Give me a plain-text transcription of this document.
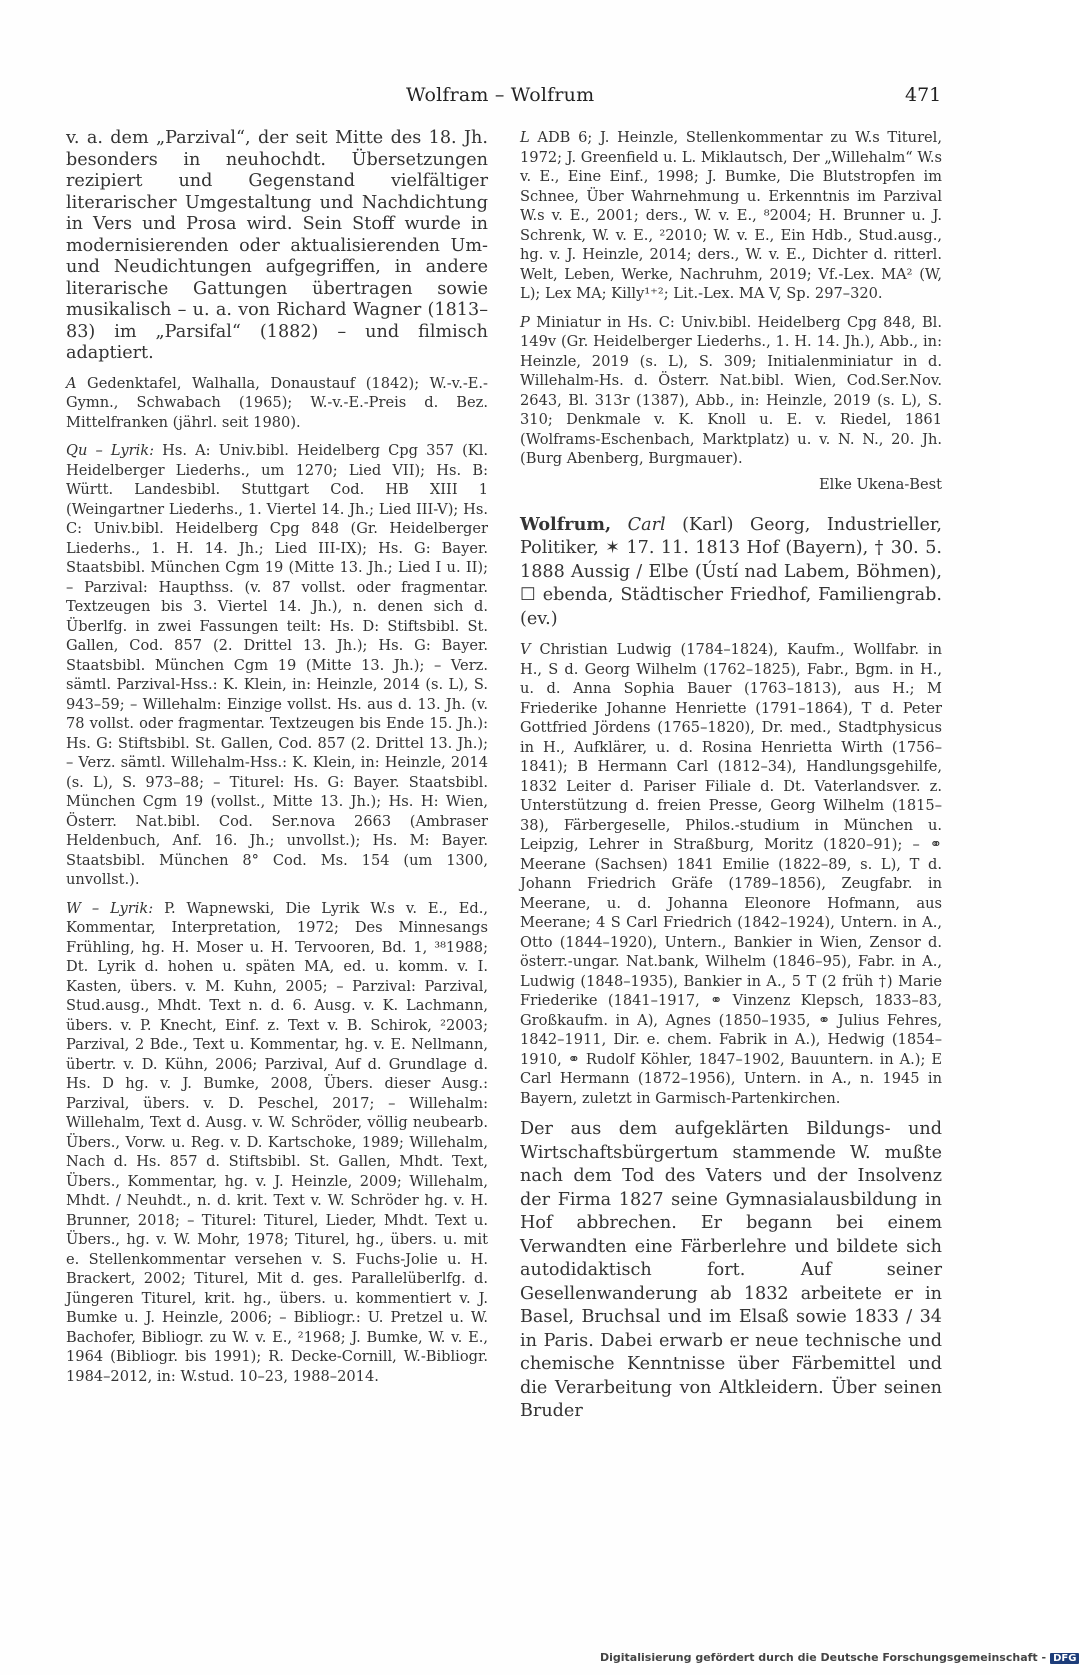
Wolfram – Wolfrum	471

v. a. dem „Parzival“, der seit Mitte des 18. Jh. besonders in neuhochdt. Übersetzungen rezipiert und Gegenstand vielfältiger literarischer Umgestaltung und Nachdichtung in Vers und Prosa wird. Sein Stoff wurde in modernisierenden oder aktualisierenden Um- und Neudichtungen aufgegriffen, in andere literarische Gattungen übertragen sowie musikalisch – u. a. von Richard Wagner (1813–83) im „Parsifal“ (1882) – und filmisch adaptiert.

A Gedenktafel, Walhalla, Donaustauf (1842); W.-v.-E.-Gymn., Schwabach (1965); W.-v.-E.-Preis d. Bez. Mittelfranken (jährl. seit 1980).

Qu – Lyrik: Hs. A: Univ.bibl. Heidelberg Cpg 357 (Kl. Heidelberger Liederhs., um 1270; Lied VII); Hs. B: Württ. Landesbibl. Stuttgart Cod. HB XIII 1 (Weingartner Liederhs., 1. Viertel 14. Jh.; Lied III-V); Hs. C: Univ.bibl. Heidelberg Cpg 848 (Gr. Heidelberger Liederhs., 1. H. 14. Jh.; Lied III-IX); Hs. G: Bayer. Staatsbibl. München Cgm 19 (Mitte 13. Jh.; Lied I u. II); – Parzival: Haupthss. (v. 87 vollst. oder fragmentar. Textzeugen bis 3. Viertel 14. Jh.), n. denen sich d. Überlfg. in zwei Fassungen teilt: Hs. D: Stiftsbibl. St. Gallen, Cod. 857 (2. Drittel 13. Jh.); Hs. G: Bayer. Staatsbibl. München Cgm 19 (Mitte 13. Jh.); – Verz. sämtl. Parzival-Hss.: K. Klein, in: Heinzle, 2014 (s. L), S. 943–59; – Willehalm: Einzige vollst. Hs. aus d. 13. Jh. (v. 78 vollst. oder fragmentar. Textzeugen bis Ende 15. Jh.): Hs. G: Stiftsbibl. St. Gallen, Cod. 857 (2. Drittel 13. Jh.); – Verz. sämtl. Willehalm-Hss.: K. Klein, in: Heinzle, 2014 (s. L), S. 973–88; – Titurel: Hs. G: Bayer. Staatsbibl. München Cgm 19 (vollst., Mitte 13. Jh.); Hs. H: Wien, Österr. Nat.bibl. Cod. Ser.nova 2663 (Ambraser Heldenbuch, Anf. 16. Jh.; unvollst.); Hs. M: Bayer. Staatsbibl. München 8° Cod. Ms. 154 (um 1300, unvollst.).

W – Lyrik: P. Wapnewski, Die Lyrik W.s v. E., Ed., Kommentar, Interpretation, 1972; Des Minnesangs Frühling, hg. H. Moser u. H. Tervooren, Bd. 1, ³⁸1988; Dt. Lyrik d. hohen u. späten MA, ed. u. komm. v. I. Kasten, übers. v. M. Kuhn, 2005; – Parzival: Parzival, Stud.ausg., Mhdt. Text n. d. 6. Ausg. v. K. Lachmann, übers. v. P. Knecht, Einf. z. Text v. B. Schirok, ²2003; Parzival, 2 Bde., Text u. Kommentar, hg. v. E. Nellmann, übertr. v. D. Kühn, 2006; Parzival, Auf d. Grundlage d. Hs. D hg. v. J. Bumke, 2008, Übers. dieser Ausg.: Parzival, übers. v. D. Peschel, 2017; – Willehalm: Willehalm, Text d. Ausg. v. W. Schröder, völlig neubearb. Übers., Vorw. u. Reg. v. D. Kartschoke, 1989; Willehalm, Nach d. Hs. 857 d. Stiftsbibl. St. Gallen, Mhdt. Text, Übers., Kommentar, hg. v. J. Heinzle, 2009; Willehalm, Mhdt. / Neuhdt., n. d. krit. Text v. W. Schröder hg. v. H. Brunner, 2018; – Titurel: Titurel, Lieder, Mhdt. Text u. Übers., hg. v. W. Mohr, 1978; Titurel, hg., übers. u. mit e. Stellenkommentar versehen v. S. Fuchs-Jolie u. H. Brackert, 2002; Titurel, Mit d. ges. Parallelüberlfg. d. Jüngeren Titurel, krit. hg., übers. u. kommentiert v. J. Bumke u. J. Heinzle, 2006; – Bibliogr.: U. Pretzel u. W. Bachofer, Bibliogr. zu W. v. E., ²1968; J. Bumke, W. v. E., 1964 (Bibliogr. bis 1991); R. Decke-Cornill, W.-Bibliogr. 1984–2012, in: W.stud. 10–23, 1988–2014.

L ADB 6; J. Heinzle, Stellenkommentar zu W.s Titurel, 1972; J. Greenfield u. L. Miklautsch, Der „Willehalm“ W.s v. E., Eine Einf., 1998; J. Bumke, Die Blutstropfen im Schnee, Über Wahrnehmung u. Erkenntnis im Parzival W.s v. E., 2001; ders., W. v. E., ⁸2004; H. Brunner u. J. Schrenk, W. v. E., ²2010; W. v. E., Ein Hdb., Stud.ausg., hg. v. J. Heinzle, 2014; ders., W. v. E., Dichter d. ritterl. Welt, Leben, Werke, Nachruhm, 2019; Vf.-Lex. MA² (W, L); Lex MA; Killy¹⁺²; Lit.-Lex. MA V, Sp. 297–320.

P Miniatur in Hs. C: Univ.bibl. Heidelberg Cpg 848, Bl. 149v (Gr. Heidelberger Liederhs., 1. H. 14. Jh.), Abb., in: Heinzle, 2019 (s. L), S. 309; Initialenminiatur in d. Willehalm-Hs. d. Österr. Nat.bibl. Wien, Cod.Ser.Nov. 2643, Bl. 313r (1387), Abb., in: Heinzle, 2019 (s. L), S. 310; Denkmale v. K. Knoll u. E. v. Riedel, 1861 (Wolframs-Eschenbach, Marktplatz) u. v. N. N., 20. Jh. (Burg Abenberg, Burgmauer).

Elke Ukena-Best

Wolfrum, Carl (Karl) Georg, Industrieller, Politiker, ✶ 17. 11. 1813 Hof (Bayern), † 30. 5. 1888 Aussig / Elbe (Ústí nad Labem, Böhmen), ☐ ebenda, Städtischer Friedhof, Familiengrab. (ev.)

V Christian Ludwig (1784–1824), Kaufm., Wollfabr. in H., S d. Georg Wilhelm (1762–1825), Fabr., Bgm. in H., u. d. Anna Sophia Bauer (1763–1813), aus H.; M Friederike Johanne Henriette (1791–1864), T d. Peter Gottfried Jördens (1765–1820), Dr. med., Stadtphysicus in H., Aufklärer, u. d. Rosina Henrietta Wirth (1756–1841); B Hermann Carl (1812–34), Handlungsgehilfe, 1832 Leiter d. Pariser Filiale d. Dt. Vaterlandsver. z. Unterstützung d. freien Presse, Georg Wilhelm (1815–38), Färbergeselle, Philos.-studium in München u. Leipzig, Lehrer in Straßburg, Moritz (1820–91); – ⚭ Meerane (Sachsen) 1841 Emilie (1822–89, s. L), T d. Johann Friedrich Gräfe (1789–1856), Zeugfabr. in Meerane, u. d. Johanna Eleonore Hofmann, aus Meerane; 4 S Carl Friedrich (1842–1924), Untern. in A., Otto (1844–1920), Untern., Bankier in Wien, Zensor d. österr.-ungar. Nat.bank, Wilhelm (1846–95), Fabr. in A., Ludwig (1848–1935), Bankier in A., 5 T (2 früh †) Marie Friederike (1841–1917, ⚭ Vinzenz Klepsch, 1833–83, Großkaufm. in A), Agnes (1850–1935, ⚭ Julius Fehres, 1842–1911, Dir. e. chem. Fabrik in A.), Hedwig (1854–1910, ⚭ Rudolf Köhler, 1847–1902, Bauuntern. in A.); E Carl Hermann (1872–1956), Untern. in A., n. 1945 in Bayern, zuletzt in Garmisch-Partenkirchen.

Der aus dem aufgeklärten Bildungs- und Wirtschaftsbürgertum stammende W. mußte nach dem Tod des Vaters und der Insolvenz der Firma 1827 seine Gymnasialausbildung in Hof abbrechen. Er begann bei einem Verwandten eine Färberlehre und bildete sich autodidaktisch fort. Auf seiner Gesellenwanderung ab 1832 arbeitete er in Basel, Bruchsal und im Elsaß sowie 1833 / 34 in Paris. Dabei erwarb er neue technische und chemische Kenntnisse über Färbemittel und die Verarbeitung von Altkleidern. Über seinen Bruder

Digitalisierung gefördert durch die Deutsche Forschungsgemeinschaft - DFG
